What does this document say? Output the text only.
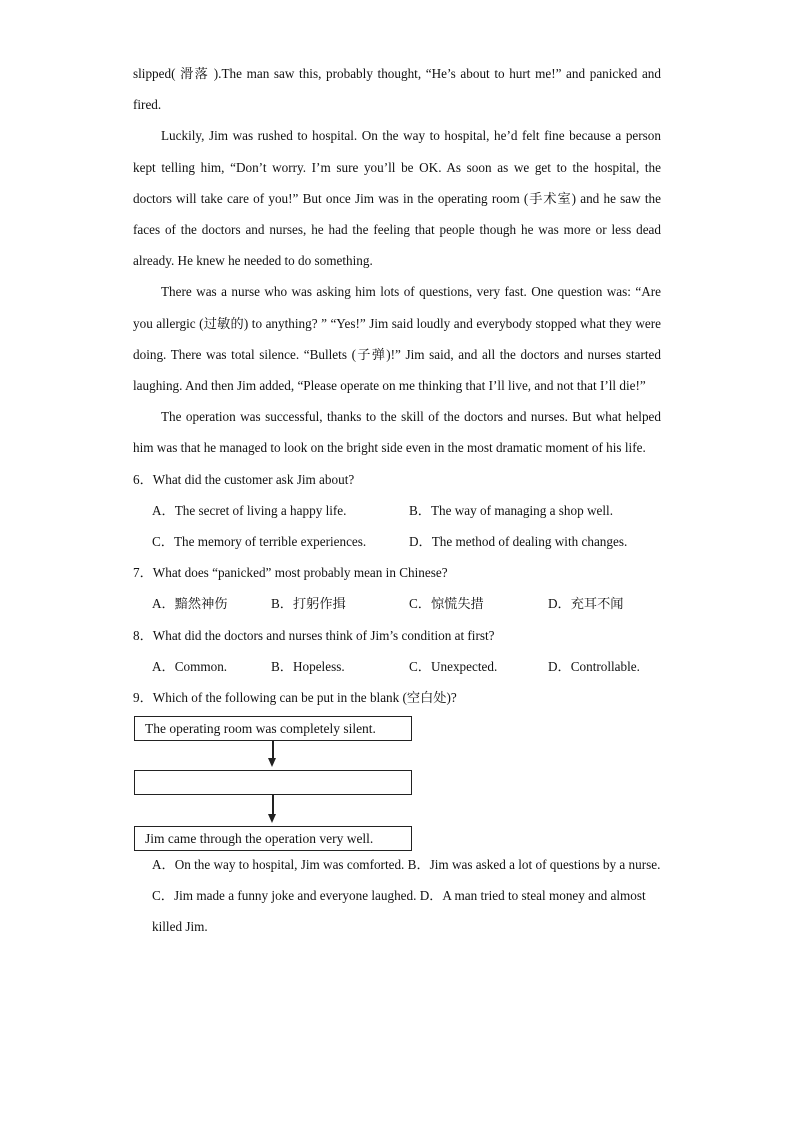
slipped( 滑落 ).The man saw this, probably thought, “He’s about to hurt me!” and panicked and fired.

Luckily, Jim was rushed to hospital. On the way to hospital, he’d felt fine because a person kept telling him, “Don’t worry. I’m sure you’ll be OK. As soon as we get to the hospital, the doctors will take care of you!” But once Jim was in the operating room (手术室) and he saw the faces of the doctors and nurses, he had the feeling that people though he was more or less dead already. He knew he needed to do something.

There was a nurse who was asking him lots of questions, very fast. One question was: “Are you allergic (过敏的) to anything? ” “Yes!” Jim said loudly and everybody stopped what they were doing. There was total silence. “Bullets (子弹)!” Jim said, and all the doctors and nurses started laughing. And then Jim added, “Please operate on me thinking that I’ll live, and not that I’ll die!”

The operation was successful, thanks to the skill of the doctors and nurses. But what helped him was that he managed to look on the bright side even in the most dramatic moment of his life.

6．What did the customer ask Jim about?
A．The secret of living a happy life.	B．The way of managing a shop well.
C．The memory of terrible experiences.	D．The method of dealing with changes.
7．What does “panicked” most probably mean in Chinese?
A．黯然神伤	B．打躬作揖	C．惊慌失措	D．充耳不闻
8．What did the doctors and nurses think of Jim’s condition at first?
A．Common.	B．Hopeless.	C．Unexpected.	D．Controllable.
9．Which of the following can be put in the blank (空白处)?
The operating room was completely silent.
Jim came through the operation very well.
A．On the way to hospital, Jim was comforted. B．Jim was asked a lot of questions by a nurse.
C．Jim made a funny joke and everyone laughed. D．A man tried to steal money and almost killed Jim.
